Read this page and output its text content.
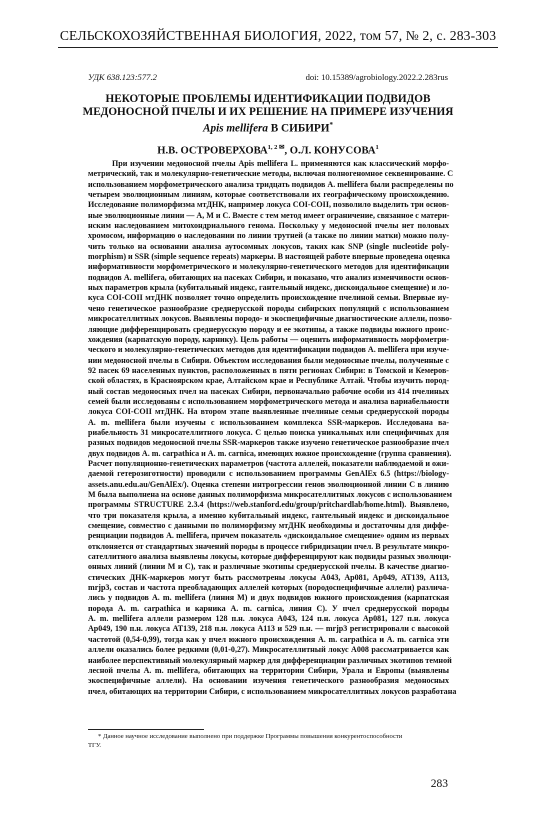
СЕЛЬСКОХОЗЯЙСТВЕННАЯ БИОЛОГИЯ, 2022, том 57, № 2, с. 283-303
УДК 638.123:577.2	doi: 10.15389/agrobiology.2022.2.283rus
НЕКОТОРЫЕ ПРОБЛЕМЫ ИДЕНТИФИКАЦИИ ПОДВИДОВ
МЕДОНОСНОЙ ПЧЕЛЫ И ИХ РЕШЕНИЕ НА ПРИМЕРЕ ИЗУЧЕНИЯ
Apis mellifera В СИБИРИ*
Н.В. $ОСТРОВЕРХОВА^{1, 2 ✉}$, О.Л. КОНУСОВА$^1$
При изучении медоносной пчелы Apis mellifera L. применяются как классический морфо-
метрический, так и молекулярно-генетические методы, включая полногеномное секвенирование. С
использованием морфометрического анализа тридцать подвидов A. mellifera были распределены по
четырем эволюционным линиям, которые соответствовали их географическому происхождению.
Исследование полиморфизма мтДНК, например локуса COI-COII, позволило выделить три основ-
ные эволюционные линии — A, M и C. Вместе с тем метод имеет ограничение, связанное с матери-
нским наследованием митохондриального генома. Поскольку у медоносной пчелы нет половых
хромосом, информацию о наследовании по линии трутней (а также по линии матки) можно полу-
чить только на основании анализа аутосомных локусов, таких как SNP (single nucleotide poly-
morphism) и SSR (simple sequence repeats) маркеры. В настоящей работе впервые проведена оценка
информативности морфометрического и молекулярно-генетического методов для идентификации
подвидов A. mellifera, обитающих на пасеках Сибири, и показано, что анализ изменчивости основ-
ных параметров крыла (кубитальный индекс, гантельный индекс, дискоидальное смещение) и ло-
куса COI-COII мтДНК позволяет точно определить происхождение пчелиной семьи. Впервые иу-
чено генетическое разнообразие среднерусской породы сибирских популяций с использованием
микросателлитных локусов. Выявлены породо- и экоспецифичные диагностические аллели, позво-
ляющие дифференцировать среднерусскую породу и ее экотипы, а также подвиды южного проис-
хождения (карпатскую породу, карнику). Цель работы — оценить информативность морфометри-
ческого и молекулярно-генетических методов для идентификации подвидов A. mellifera при изуче-
нии медоносной пчелы в Сибири. Объектом исследования были медоносные пчелы, полученные с
92 пасек 69 населенных пунктов, расположенных в пяти регионах Сибири: в Томской и Кемеров-
ской областях, в Красноярском крае, Алтайском крае и Республике Алтай. Чтобы изучить пород-
ный состав медоносных пчел на пасеках Сибири, первоначально рабочие особи из 414 пчелиных
семей были исследованы с использованием морфометрического метода и анализа вариабельности
локуса COI-COII мтДНК. На втором этапе выявленные пчелиные семьи среднерусской породы
A. m. mellifera были изучены с использованием комплекса SSR-маркеров. Исследована ва-
риабельность 31 микросателлитного локуса. С целью поиска уникальных или специфичных для
разных подвидов медоносной пчелы SSR-маркеров также изучено генетическое разнообразие пчел
двух подвидов A. m. carpathica и A. m. carnica, имеющих южное происхождение (группа сравнения).
Расчет популяционно-генетических параметров (частота аллелей, показатели наблюдаемой и ожи-
даемой гетерозиготности) проводили с использованием программы GenAlEx 6.5 (https://biology-
assets.anu.edu.au/GenAlEx/). Оценка степени интрогрессии генов эволюционной линии C в линию
M была выполнена на основе данных полиморфизма микросателлитных локусов с использованием
программы STRUCTURE 2.3.4 (https://web.stanford.edu/group/pritchardlab/home.html). Выявлено,
что три показателя крыла, а именно кубитальный индекс, гантельный индекс и дискоидальное
смещение, совместно с данными по полиморфизму мтДНК необходимы и достаточны для диффе-
ренциации подвидов A. mellifera, причем показатель «дискоидальное смещение» одним из первых
отклоняется от стандартных значений породы в процессе гибридизации пчел. В результате микро-
сателлитного анализа выявлены локусы, которые дифференцируют как подвиды разных эволюци-
онных линий (линии M и C), так и различные экотипы среднерусской пчелы. В качестве диагно-
стических ДНК-маркеров могут быть рассмотрены локусы A043, Ap081, Ap049, AT139, A113,
mrjp3, состав и частота преобладающих аллелей которых (породоспецифичные аллели) различа-
лись у подвидов A. m. mellifera (линия M) и двух подвидов южного происхождения (карпатская
порода A. m. carpathica и карника A. m. carnica, линия C). У пчел среднерусской породы
A. m. mellifera аллели размером 128 п.н. локуса A043, 124 п.н. локуса Ap081, 127 п.н. локуса
Ap049, 190 п.н. локуса AT139, 218 п.н. локуса A113 и 529 п.н. — mrjp3 регистрировали с высокой
частотой (0,54-0,99), тогда как у пчел южного происхождения A. m. carpathica и A. m. carnica эти
аллели оказались более редкими (0,01-0,27). Микросателлитный локус A008 рассматривается как
наиболее перспективный молекулярный маркер для дифференциации различных экотипов темной
лесной пчелы A. m. mellifera, обитающих на территории Сибири, Урала и Европы (выявлены
экоспецифичные аллели). На основании изучения генетического разнообразия медоносных
пчел, обитающих на территории Сибири, с использованием микросателлитных локусов разработана
* Данное научное исследование выполнено при поддержке Программы повышения конкурентоспособности
ТГУ.
283
